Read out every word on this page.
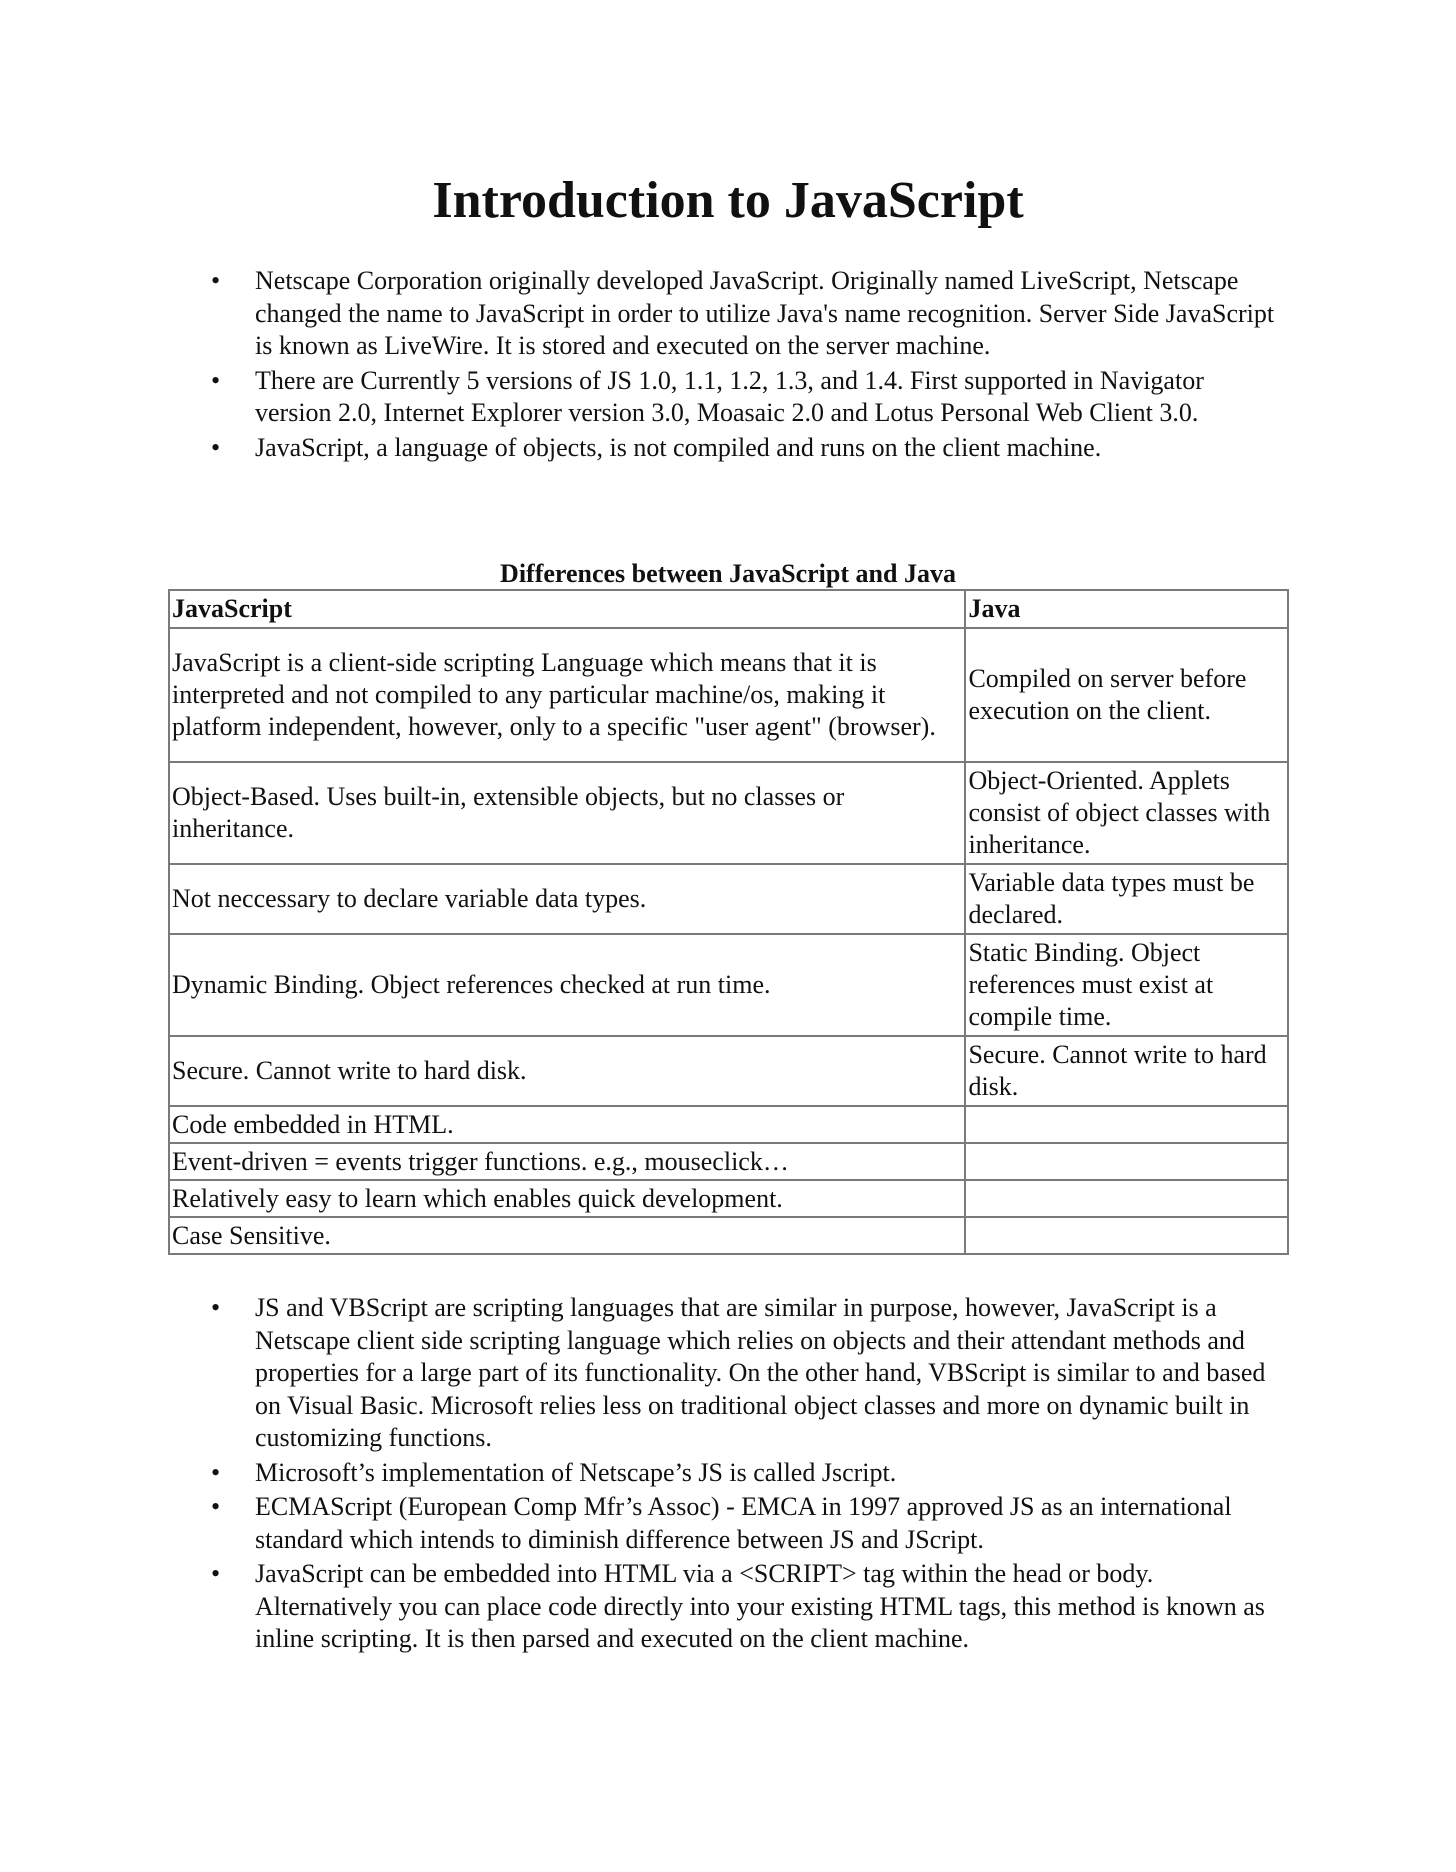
Introduction to JavaScript
• Netscape Corporation originally developed JavaScript. Originally named LiveScript, Netscape changed the name to JavaScript in order to utilize Java's name recognition. Server Side JavaScript is known as LiveWire. It is stored and executed on the server machine.
• There are Currently 5 versions of JS 1.0, 1.1, 1.2, 1.3, and 1.4. First supported in Navigator version 2.0, Internet Explorer version 3.0, Moasaic 2.0 and Lotus Personal Web Client 3.0.
• JavaScript, a language of objects, is not compiled and runs on the client machine.
Differences between JavaScript and Java
JavaScript	Java
JavaScript is a client-side scripting Language which means that it is interpreted and not compiled to any particular machine/os, making it platform independent, however, only to a specific "user agent" (browser).	Compiled on server before execution on the client.
Object-Based. Uses built-in, extensible objects, but no classes or inheritance.	Object-Oriented. Applets consist of object classes with inheritance.
Not neccessary to declare variable data types.	Variable data types must be declared.
Dynamic Binding. Object references checked at run time.	Static Binding. Object references must exist at compile time.
Secure. Cannot write to hard disk.	Secure. Cannot write to hard disk.
Code embedded in HTML.	
Event-driven = events trigger functions. e.g., mouseclick…	
Relatively easy to learn which enables quick development.	
Case Sensitive.	
• JS and VBScript are scripting languages that are similar in purpose, however, JavaScript is a Netscape client side scripting language which relies on objects and their attendant methods and properties for a large part of its functionality. On the other hand, VBScript is similar to and based on Visual Basic. Microsoft relies less on traditional object classes and more on dynamic built in customizing functions.
• Microsoft’s implementation of Netscape’s JS is called Jscript.
• ECMAScript (European Comp Mfr’s Assoc) - EMCA in 1997 approved JS as an international standard which intends to diminish difference between JS and JScript.
• JavaScript can be embedded into HTML via a <SCRIPT> tag within the head or body. Alternatively you can place code directly into your existing HTML tags, this method is known as inline scripting. It is then parsed and executed on the client machine.
